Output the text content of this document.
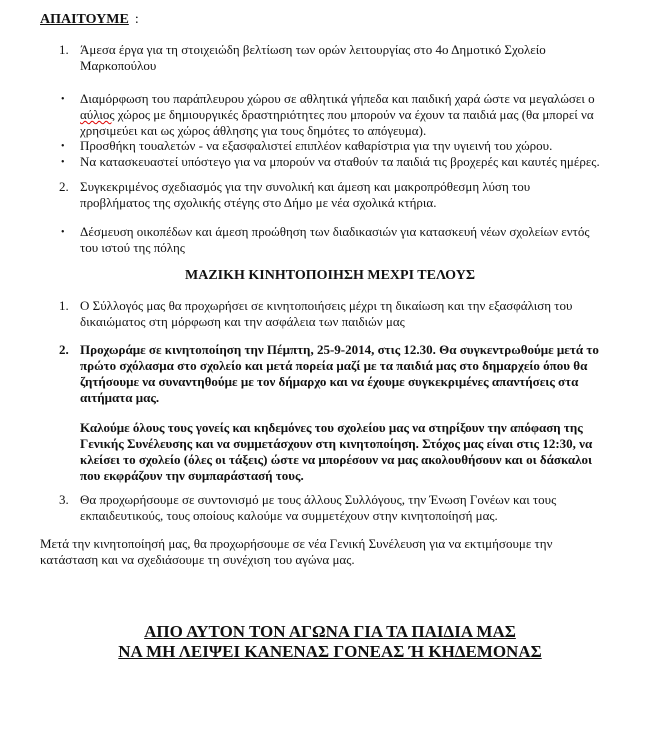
ΑΠΑΙΤΟΥΜΕ :
1. Άμεσα έργα για τη στοιχειώδη βελτίωση των ορών λειτουργίας στο 4ο Δημοτικό Σχολείο
Μαρκοπούλου
• Διαμόρφωση του παράπλευρου χώρου σε αθλητικά γήπεδα και παιδική χαρά ώστε να μεγαλώσει ο
αύλιος χώρος με δημιουργικές δραστηριότητες που μπορούν να έχουν τα παιδιά μας (θα μπορεί να
χρησιμεύει και ως χώρος άθλησης για τους δημότες το απόγευμα).
• Προσθήκη τουαλετών - να εξασφαλιστεί επιπλέον καθαρίστρια για την υγιεινή του χώρου.
• Να κατασκευαστεί υπόστεγο για να μπορούν να σταθούν τα παιδιά τις βροχερές και καυτές ημέρες.
2. Συγκεκριμένος σχεδιασμός για την συνολική και άμεση και μακροπρόθεσμη λύση του
προβλήματος της σχολικής στέγης στο Δήμο με νέα σχολικά κτήρια.
• Δέσμευση οικοπέδων και άμεση προώθηση των διαδικασιών για κατασκευή νέων σχολείων εντός
του ιστού της πόλης
ΜΑΖΙΚΗ ΚΙΝΗΤΟΠΟΙΗΣΗ ΜΕΧΡΙ ΤΕΛΟΥΣ
1. Ο Σύλλογός μας θα προχωρήσει σε κινητοποιήσεις μέχρι τη δικαίωση και την εξασφάλιση του
δικαιώματος στη μόρφωση και την ασφάλεια των παιδιών μας
2. Προχωράμε σε κινητοποίηση την Πέμπτη, 25-9-2014, στις 12.30. Θα συγκεντρωθούμε μετά το
πρώτο σχόλασμα στο σχολείο και μετά πορεία μαζί με τα παιδιά μας στο δημαρχείο όπου θα
ζητήσουμε να συναντηθούμε με τον δήμαρχο και να έχουμε συγκεκριμένες απαντήσεις στα
αιτήματα μας.
Καλούμε όλους τους γονείς και κηδεμόνες του σχολείου μας να στηρίξουν την απόφαση της
Γενικής Συνέλευσης και να συμμετάσχουν στη κινητοποίηση. Στόχος μας είναι στις 12:30, να
κλείσει το σχολείο (όλες οι τάξεις) ώστε να μπορέσουν να μας ακολουθήσουν και οι δάσκαλοι
που εκφράζουν την συμπαράστασή τους.
3. Θα προχωρήσουμε σε συντονισμό με τους άλλους Συλλόγους, την Ένωση Γονέων και τους
εκπαιδευτικούς, τους οποίους καλούμε να συμμετέχουν στην κινητοποίησή μας.
Μετά την κινητοποίησή μας, θα προχωρήσουμε σε νέα Γενική Συνέλευση για να εκτιμήσουμε την
κατάσταση και να σχεδιάσουμε τη συνέχιση του αγώνα μας.
ΑΠΟ ΑΥΤΟΝ ΤΟΝ ΑΓΩΝΑ ΓΙΑ ΤΑ ΠΑΙΔΙΑ ΜΑΣ
ΝΑ ΜΗ ΛΕΙΨΕΙ ΚΑΝΕΝΑΣ ΓΟΝΕΑΣ Ή ΚΗΔΕΜΟΝΑΣ
